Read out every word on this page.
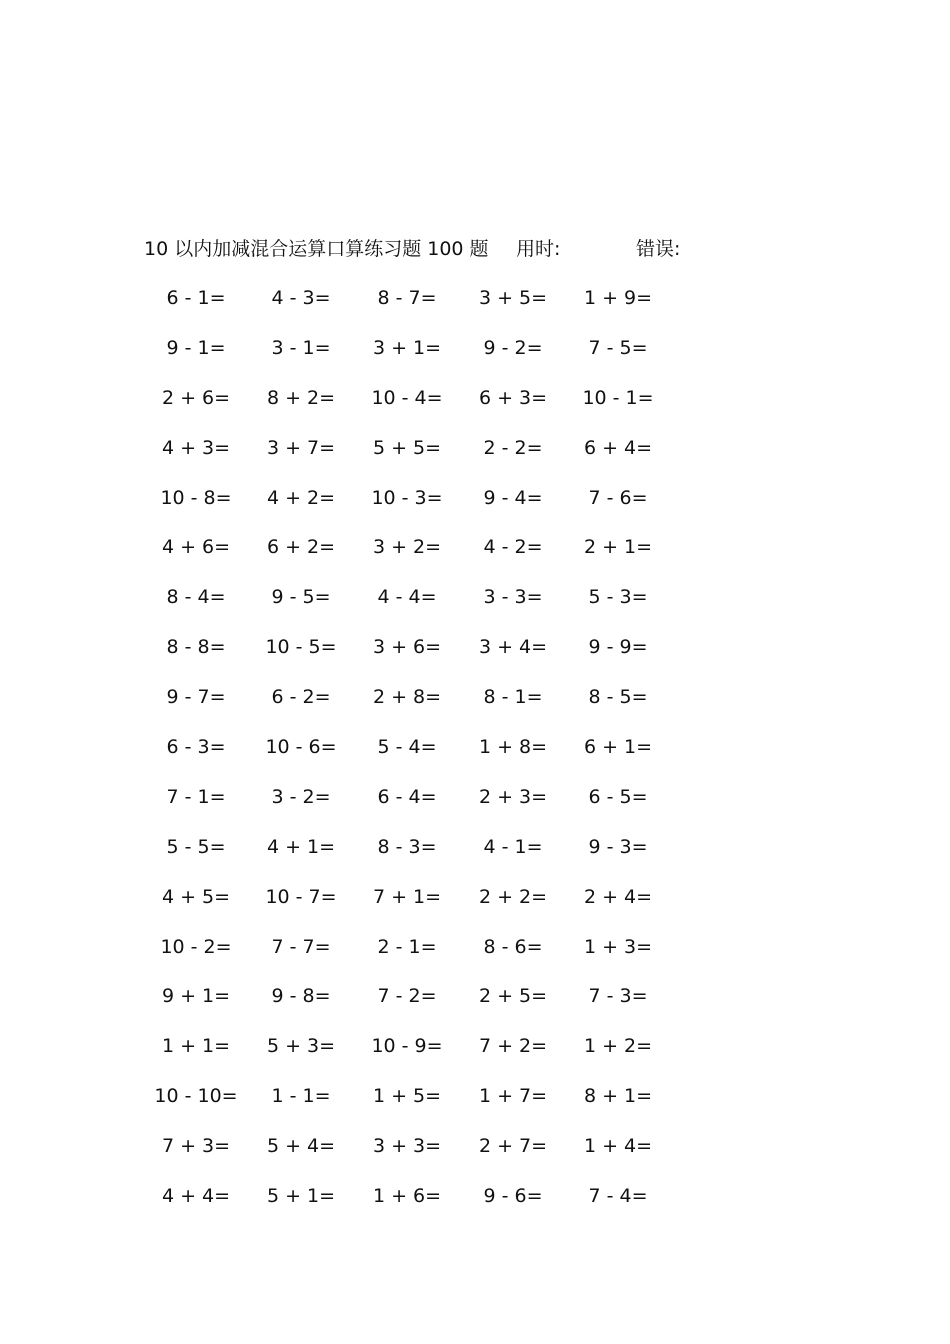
10 以内加减混合运算口算练习题 100 题 用时:	错误:
6 - 1=	4 - 3=	8 - 7=	3 + 5=	1 + 9=
9 - 1=	3 - 1=	3 + 1=	9 - 2=	7 - 5=
2 + 6=	8 + 2=	10 - 4=	6 + 3=	10 - 1=
4 + 3=	3 + 7=	5 + 5=	2 - 2=	6 + 4=
10 - 8=	4 + 2=	10 - 3=	9 - 4=	7 - 6=
4 + 6=	6 + 2=	3 + 2=	4 - 2=	2 + 1=
8 - 4=	9 - 5=	4 - 4=	3 - 3=	5 - 3=
8 - 8=	10 - 5=	3 + 6=	3 + 4=	9 - 9=
9 - 7=	6 - 2=	2 + 8=	8 - 1=	8 - 5=
6 - 3=	10 - 6=	5 - 4=	1 + 8=	6 + 1=
7 - 1=	3 - 2=	6 - 4=	2 + 3=	6 - 5=
5 - 5=	4 + 1=	8 - 3=	4 - 1=	9 - 3=
4 + 5=	10 - 7=	7 + 1=	2 + 2=	2 + 4=
10 - 2=	7 - 7=	2 - 1=	8 - 6=	1 + 3=
9 + 1=	9 - 8=	7 - 2=	2 + 5=	7 - 3=
1 + 1=	5 + 3=	10 - 9=	7 + 2=	1 + 2=
10 - 10=	1 - 1=	1 + 5=	1 + 7=	8 + 1=
7 + 3=	5 + 4=	3 + 3=	2 + 7=	1 + 4=
4 + 4=	5 + 1=	1 + 6=	9 - 6=	7 - 4=
